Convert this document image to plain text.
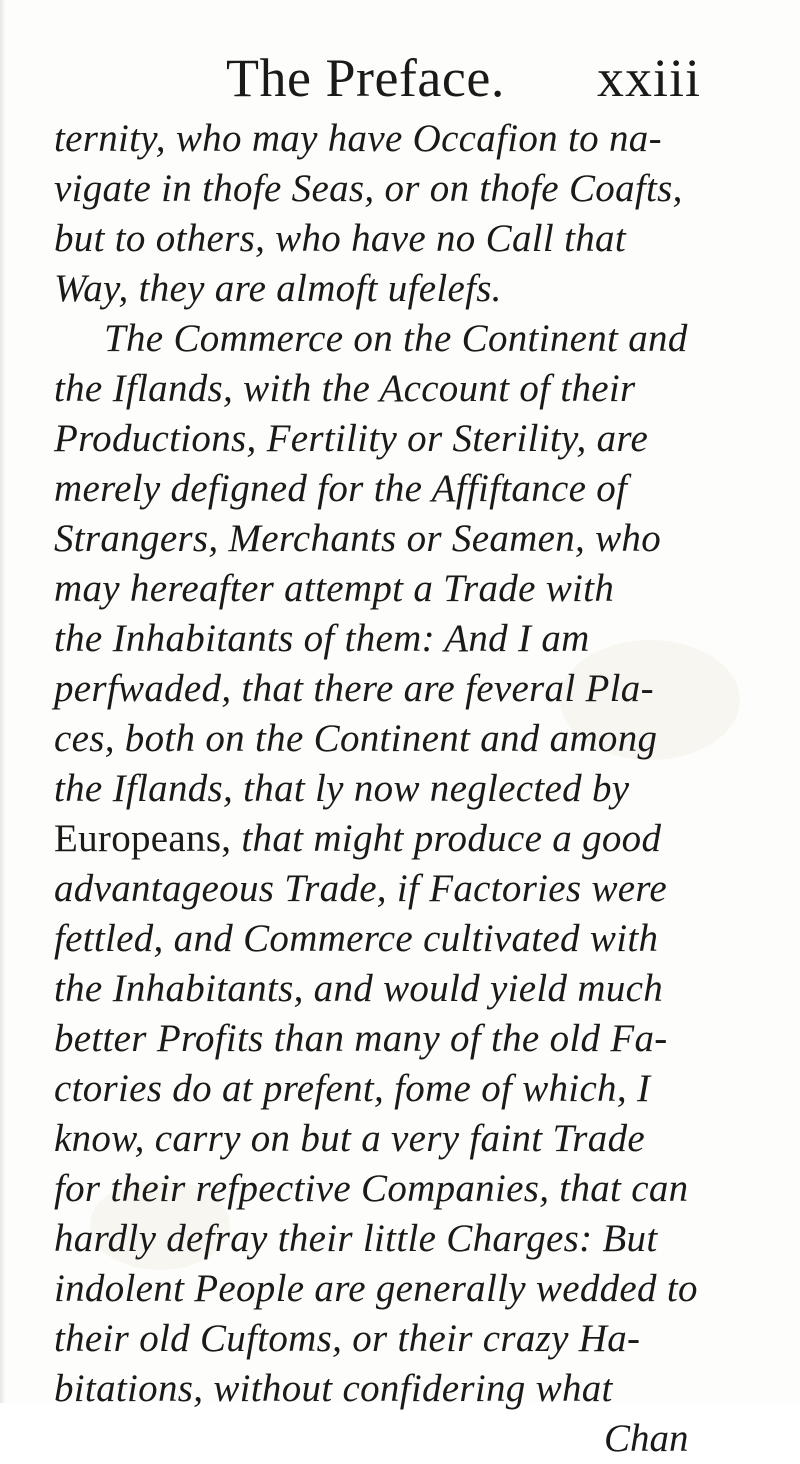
The Preface. xxiii
ternity, who may have Occafion to na-
vigate in thofe Seas, or on thofe Coafts,
but to others, who have no Call that
Way, they are almoft ufelefs.
The Commerce on the Continent and
the Iflands, with the Account of their
Productions, Fertility or Sterility, are
merely defigned for the Affiftance of
Strangers, Merchants or Seamen, who
may hereafter attempt a Trade with
the Inhabitants of them: And I am
perfwaded, that there are feveral Pla-
ces, both on the Continent and among
the Iflands, that ly now neglected by
Europeans, that might produce a good
advantageous Trade, if Factories were
fettled, and Commerce cultivated with
the Inhabitants, and would yield much
better Profits than many of the old Fa-
ctories do at prefent, fome of which, I
know, carry on but a very faint Trade
for their refpective Companies, that can
hardly defray their little Charges: But
indolent People are generally wedded to
their old Cuftoms, or their crazy Ha-
bitations, without confidering what
Chan
